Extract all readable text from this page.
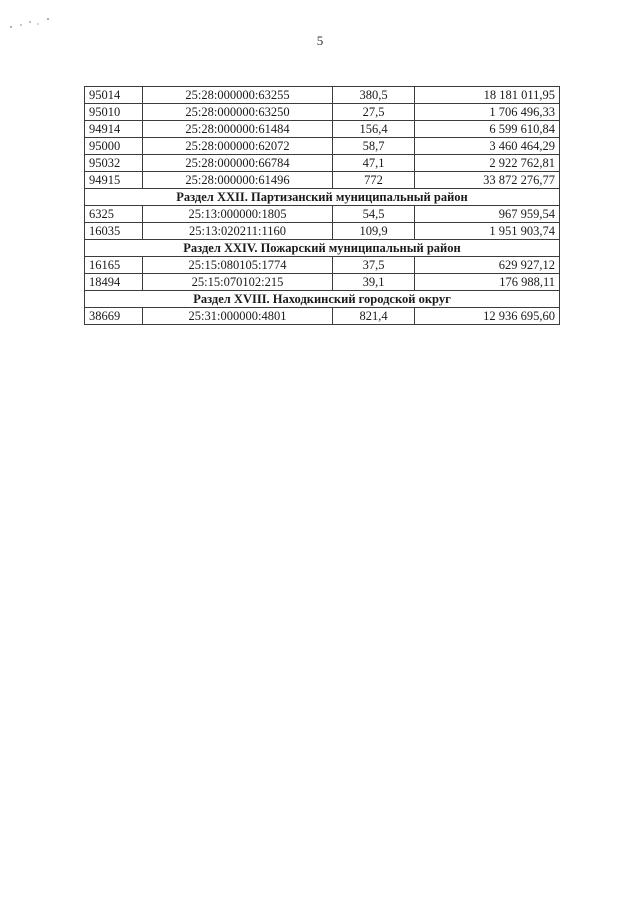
5
95014	25:28:000000:63255	380,5	18 181 011,95
95010	25:28:000000:63250	27,5	1 706 496,33
94914	25:28:000000:61484	156,4	6 599 610,84
95000	25:28:000000:62072	58,7	3 460 464,29
95032	25:28:000000:66784	47,1	2 922 762,81
94915	25:28:000000:61496	772	33 872 276,77
Раздел XXII. Партизанский муниципальный район			
6325	25:13:000000:1805	54,5	967 959,54
16035	25:13:020211:1160	109,9	1 951 903,74
Раздел XXIV. Пожарский муниципальный район			
16165	25:15:080105:1774	37,5	629 927,12
18494	25:15:070102:215	39,1	176 988,11
Раздел XVIII. Находкинский городской округ			
38669	25:31:000000:4801	821,4	12 936 695,60
